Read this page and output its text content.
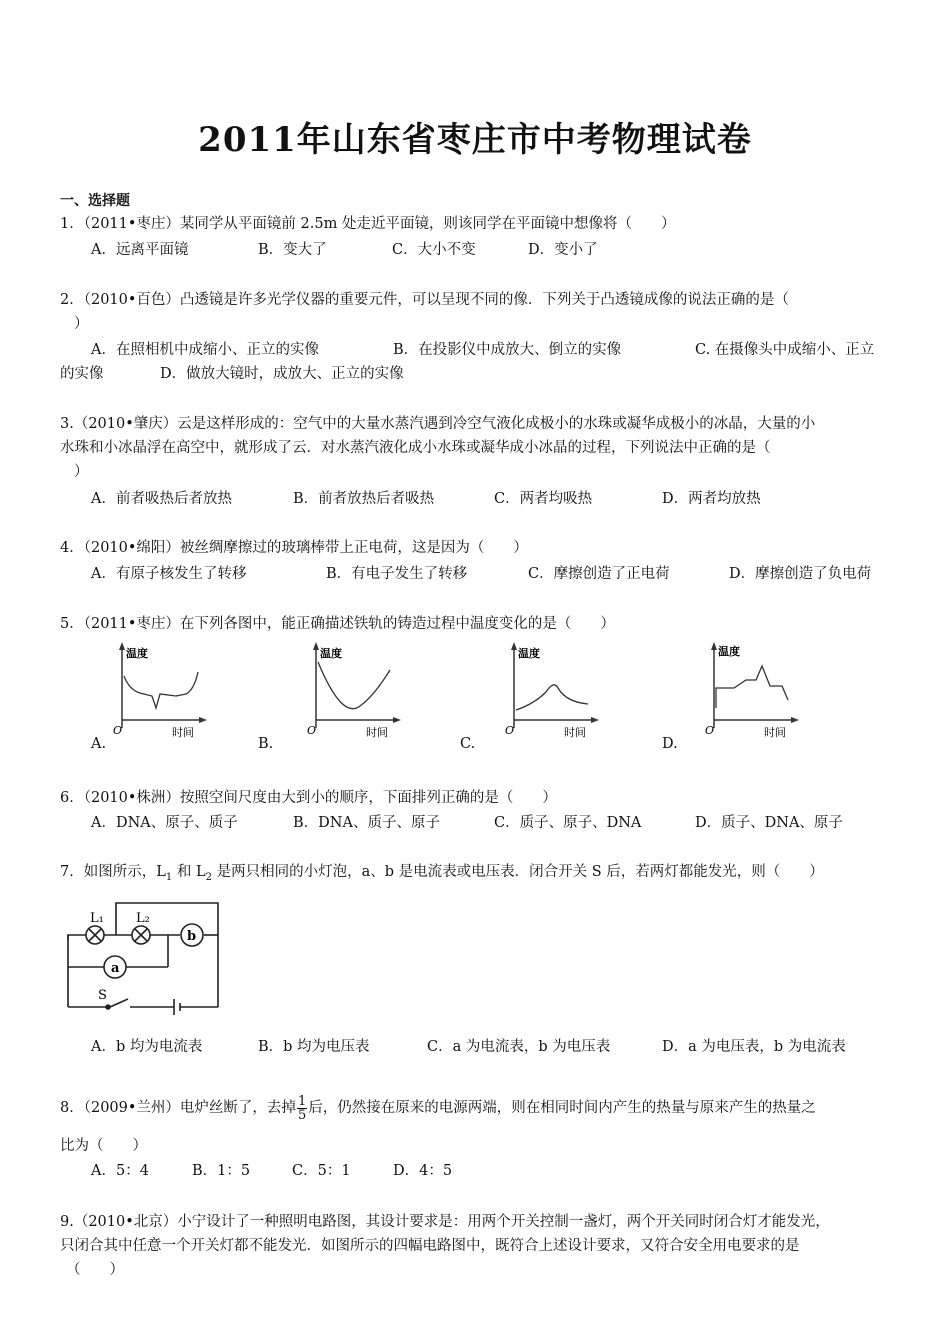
2011年山东省枣庄市中考物理试卷
一、选择题
1．（2011•枣庄）某同学从平面镜前 2.5m 处走近平面镜，则该同学在平面镜中想像将（　　）
A．远离平面镜	B．变大了	C．大小不变	D．变小了
2．（2010•百色）凸透镜是许多光学仪器的重要元件，可以呈现不同的像．下列关于凸透镜成像的说法正确的是（
）
A．在照相机中成缩小、正立的实像	B．在投影仪中成放大、倒立的实像	C. 在摄像头中成缩小、正立
的实像	D．做放大镜时，成放大、正立的实像
3.（2010•肇庆）云是这样形成的：空气中的大量水蒸汽遇到冷空气液化成极小的水珠或凝华成极小的冰晶，大量的小
水珠和小冰晶浮在高空中，就形成了云．对水蒸汽液化成小水珠或凝华成小冰晶的过程，下列说法中正确的是（
）
A．前者吸热后者放热	B．前者放热后者吸热	C．两者均吸热	D．两者均放热
4．（2010•绵阳）被丝绸摩擦过的玻璃棒带上正电荷，这是因为（　　）
A．有原子核发生了转移	B．有电子发生了转移	C．摩擦创造了正电荷	D．摩擦创造了负电荷
5．（2011•枣庄）在下列各图中，能正确描述铁轨的铸造过程中温度变化的是（　　）
温度
O	时间
A.
温度
O	时间
B.
温度
O	时间
C.
温度
O	时间
D.
6．（2010•株洲）按照空间尺度由大到小的顺序，下面排列正确的是（　　）
A．DNA、原子、质子	B．DNA、质子、原子	C．质子、原子、DNA	D．质子、DNA、原子
7．如图所示，$L_1$ 和 $L_2$ 是两只相同的小灯泡，a、b 是电流表或电压表．闭合开关 S 后，若两灯都能发光，则（　　）
L₁ L₂
b
a
S
A．b 均为电流表	B．b 均为电压表	C．a 为电流表，b 为电压表	D．a 为电压表，b 为电流表
8．（2009•兰州）电炉丝断了，去掉 $\frac{1}{5}$ 后，仍然接在原来的电源两端，则在相同时间内产生的热量与原来产生的热量之
比为（　　）
A．5：4	B．1：5	C．5：1	D．4：5
9.（2010•北京）小宁设计了一种照明电路图，其设计要求是：用两个开关控制一盏灯，两个开关同时闭合灯才能发光，
只闭合其中任意一个开关灯都不能发光．如图所示的四幅电路图中，既符合上述设计要求，又符合安全用电要求的是
（　　）
